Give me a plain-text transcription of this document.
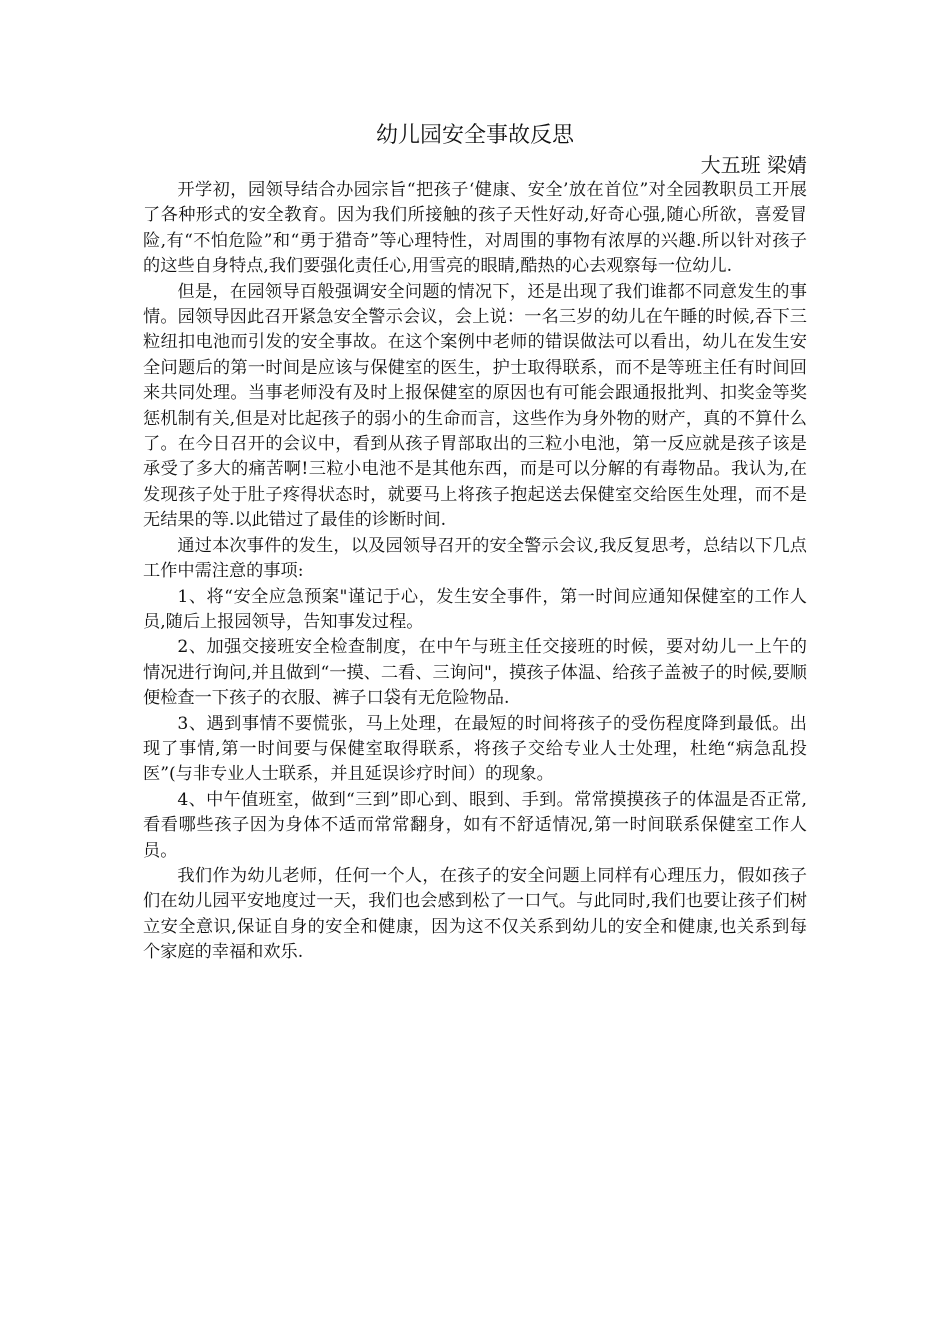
幼儿园安全事故反思

大五班 梁婧

开学初，园领导结合办园宗旨“把孩子‘健康、安全’放在首位”对全园教职员工开展了各种形式的安全教育。因为我们所接触的孩子天性好动,好奇心强,随心所欲，喜爱冒险,有“不怕危险”和“勇于猎奇”等心理特性，对周围的事物有浓厚的兴趣.所以针对孩子的这些自身特点,我们要强化责任心,用雪亮的眼睛,酷热的心去观察每一位幼儿.

但是，在园领导百般强调安全问题的情况下，还是出现了我们谁都不同意发生的事情。园领导因此召开紧急安全警示会议，会上说：一名三岁的幼儿在午睡的时候,吞下三粒纽扣电池而引发的安全事故。在这个案例中老师的错误做法可以看出，幼儿在发生安全问题后的第一时间是应该与保健室的医生，护士取得联系，而不是等班主任有时间回来共同处理。当事老师没有及时上报保健室的原因也有可能会跟通报批判、扣奖金等奖惩机制有关,但是对比起孩子的弱小的生命而言，这些作为身外物的财产，真的不算什么了。在今日召开的会议中，看到从孩子胃部取出的三粒小电池，第一反应就是孩子该是承受了多大的痛苦啊!三粒小电池不是其他东西，而是可以分解的有毒物品。我认为,在发现孩子处于肚子疼得状态时，就要马上将孩子抱起送去保健室交给医生处理，而不是无结果的等.以此错过了最佳的诊断时间.

通过本次事件的发生，以及园领导召开的安全警示会议,我反复思考，总结以下几点工作中需注意的事项:

1、将“安全应急预案"谨记于心，发生安全事件，第一时间应通知保健室的工作人员,随后上报园领导，告知事发过程。

2、加强交接班安全检查制度，在中午与班主任交接班的时候，要对幼儿一上午的情况进行询问,并且做到“一摸、二看、三询问"，摸孩子体温、给孩子盖被子的时候,要顺便检查一下孩子的衣服、裤子口袋有无危险物品.

3、遇到事情不要慌张，马上处理，在最短的时间将孩子的受伤程度降到最低。出现了事情,第一时间要与保健室取得联系，将孩子交给专业人士处理，杜绝“病急乱投医”(与非专业人士联系，并且延误诊疗时间）的现象。

4、中午值班室，做到“三到”即心到、眼到、手到。常常摸摸孩子的体温是否正常,看看哪些孩子因为身体不适而常常翻身，如有不舒适情况,第一时间联系保健室工作人员。

我们作为幼儿老师，任何一个人，在孩子的安全问题上同样有心理压力，假如孩子们在幼儿园平安地度过一天，我们也会感到松了一口气。与此同时,我们也要让孩子们树立安全意识,保证自身的安全和健康，因为这不仅关系到幼儿的安全和健康,也关系到每个家庭的幸福和欢乐.
